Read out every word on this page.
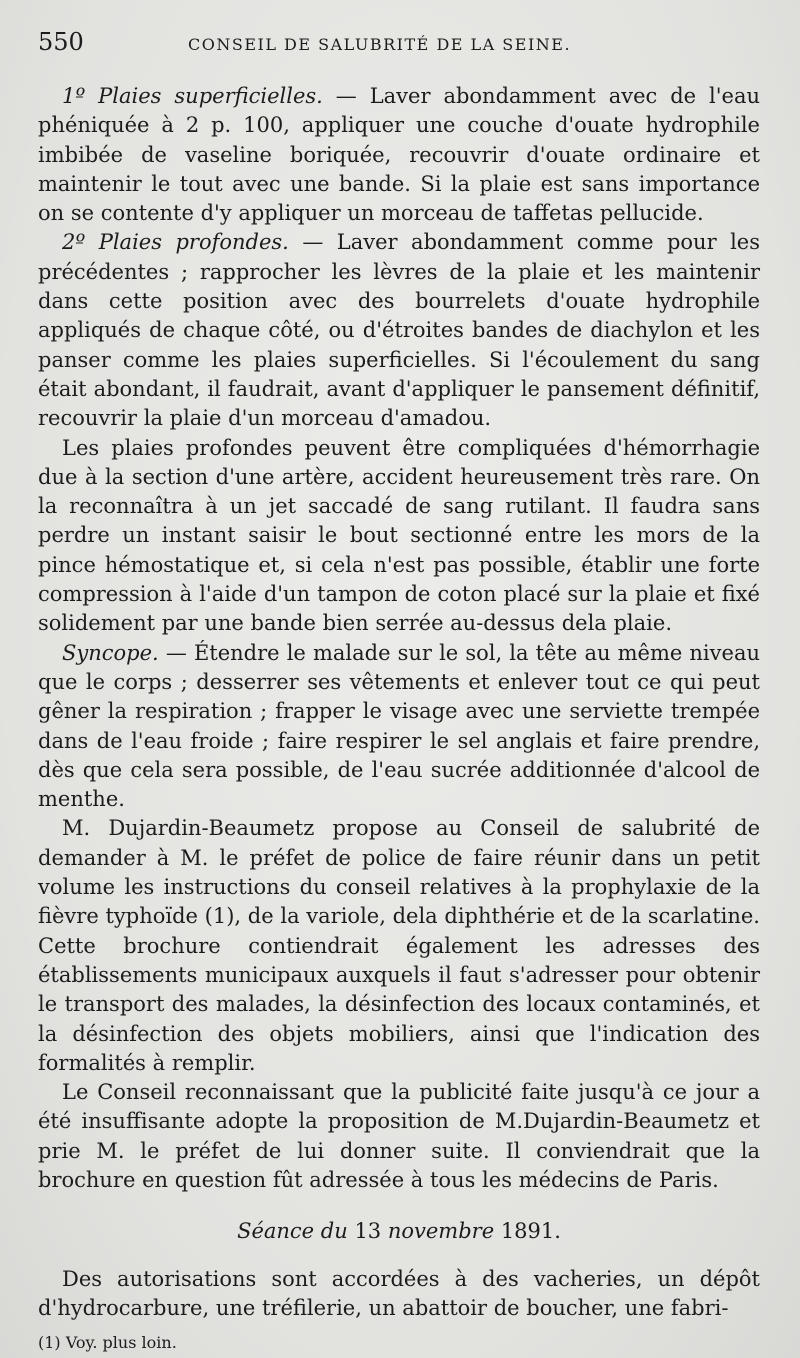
550	CONSEIL DE SALUBRITÉ DE LA SEINE.

1º Plaies superficielles. — Laver abondamment avec de l'eau phéniquée à 2 p. 100, appliquer une couche d'ouate hydrophile imbibée de vaseline boriquée, recouvrir d'ouate ordinaire et maintenir le tout avec une bande. Si la plaie est sans importance on se contente d'y appliquer un morceau de taffetas pellucide.

2º Plaies profondes. — Laver abondamment comme pour les précédentes ; rapprocher les lèvres de la plaie et les maintenir dans cette position avec des bourrelets d'ouate hydrophile appliqués de chaque côté, ou d'étroites bandes de diachylon et les panser comme les plaies superficielles. Si l'écoulement du sang était abondant, il faudrait, avant d'appliquer le pansement définitif, recouvrir la plaie d'un morceau d'amadou.

Les plaies profondes peuvent être compliquées d'hémorrhagie due à la section d'une artère, accident heureusement très rare. On la reconnaîtra à un jet saccadé de sang rutilant. Il faudra sans perdre un instant saisir le bout sectionné entre les mors de la pince hémostatique et, si cela n'est pas possible, établir une forte compression à l'aide d'un tampon de coton placé sur la plaie et fixé solidement par une bande bien serrée au-dessus dela plaie.

Syncope. — Étendre le malade sur le sol, la tête au même niveau que le corps ; desserrer ses vêtements et enlever tout ce qui peut gêner la respiration ; frapper le visage avec une serviette trempée dans de l'eau froide ; faire respirer le sel anglais et faire prendre, dès que cela sera possible, de l'eau sucrée additionnée d'alcool de menthe.

M. Dujardin-Beaumetz propose au Conseil de salubrité de demander à M. le préfet de police de faire réunir dans un petit volume les instructions du conseil relatives à la prophylaxie de la fièvre typhoïde (1), de la variole, dela diphthérie et de la scarlatine. Cette brochure contiendrait également les adresses des établissements municipaux auxquels il faut s'adresser pour obtenir le transport des malades, la désinfection des locaux contaminés, et la désinfection des objets mobiliers, ainsi que l'indication des formalités à remplir.

Le Conseil reconnaissant que la publicité faite jusqu'à ce jour a été insuffisante adopte la proposition de M.Dujardin-Beaumetz et prie M. le préfet de lui donner suite. Il conviendrait que la brochure en question fût adressée à tous les médecins de Paris.

Séance du 13 novembre 1891.

Des autorisations sont accordées à des vacheries, un dépôt d'hydrocarbure, une tréfilerie, un abattoir de boucher, une fabri-

(1) Voy. plus loin.
